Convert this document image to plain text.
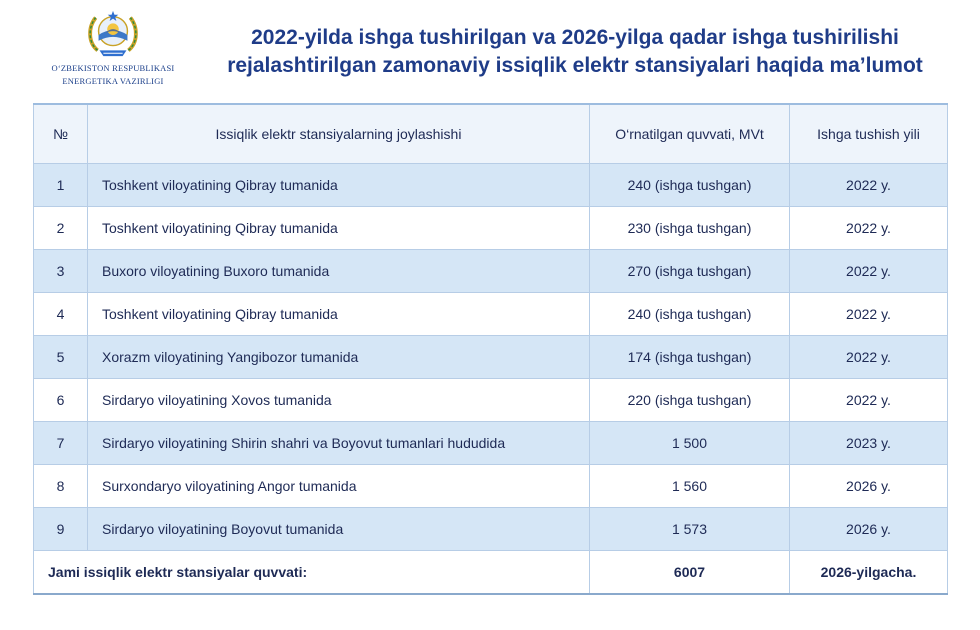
O‘ZBEKISTON RESPUBLIKASI
ENERGETIKA VAZIRLIGI
2022-yilda ishga tushirilgan va 2026-yilga qadar ishga tushirilishi
rejalashtirilgan zamonaviy issiqlik elektr stansiyalari haqida ma’lumot
№	Issiqlik elektr stansiyalarning joylashishi	O‘rnatilgan quvvati, MVt	Ishga tushish yili
1	Toshkent viloyatining Qibray tumanida	240 (ishga tushgan)	2022 y.
2	Toshkent viloyatining Qibray tumanida	230 (ishga tushgan)	2022 y.
3	Buxoro viloyatining Buxoro tumanida	270 (ishga tushgan)	2022 y.
4	Toshkent viloyatining Qibray tumanida	240 (ishga tushgan)	2022 y.
5	Xorazm viloyatining Yangibozor tumanida	174 (ishga tushgan)	2022 y.
6	Sirdaryo viloyatining Xovos tumanida	220 (ishga tushgan)	2022 y.
7	Sirdaryo viloyatining Shirin shahri va Boyovut tumanlari hududida	1 500	2023 y.
8	Surxondaryo viloyatining Angor tumanida	1 560	2026 y.
9	Sirdaryo viloyatining Boyovut tumanida	1 573	2026 y.
Jami issiqlik elektr stansiyalar quvvati:		6007	2026-yilgacha.
